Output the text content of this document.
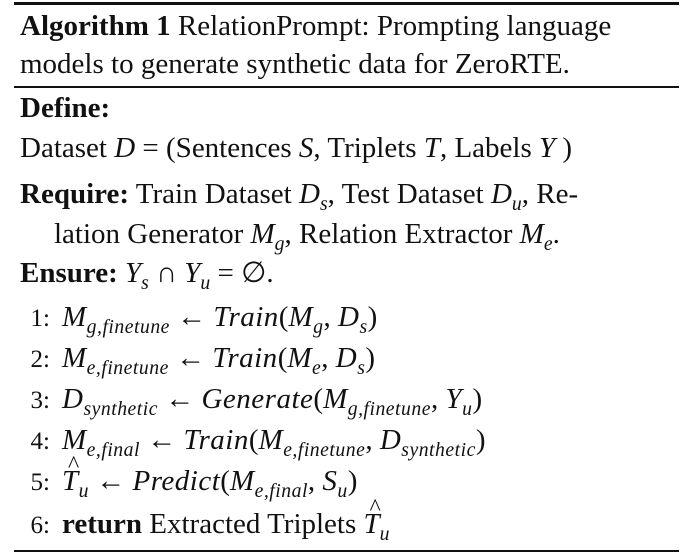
Algorithm 1 RelationPrompt: Prompting language
models to generate synthetic data for ZeroRTE.
Define:
Dataset D = (Sentences S, Triplets T, Labels Y )
Require: Train Dataset $D_s$, Test Dataset $D_u$, Re-
lation Generator $M_g$, Relation Extractor $M_e$.
Ensure: $Y_s$ ∩ $Y_u$ = ∅.
1: $M_{g,finetune}$ ← $Train(M_g$, $D_s$)
2: $M_{e,finetune}$ ← $Train(M_e$, $D_s$)
3: $D_{synthetic}$ ← $Generate(M_{g,finetune}$, $Y_u$)
4: $M_{e,final}$ ← $Train(M_{e,finetune}$, $D_{synthetic}$)
5: ^ $T_u$ ← $Predict(M_{e,final}$, $S_u$)
6: return Extracted Triplets ^ $T_u$
